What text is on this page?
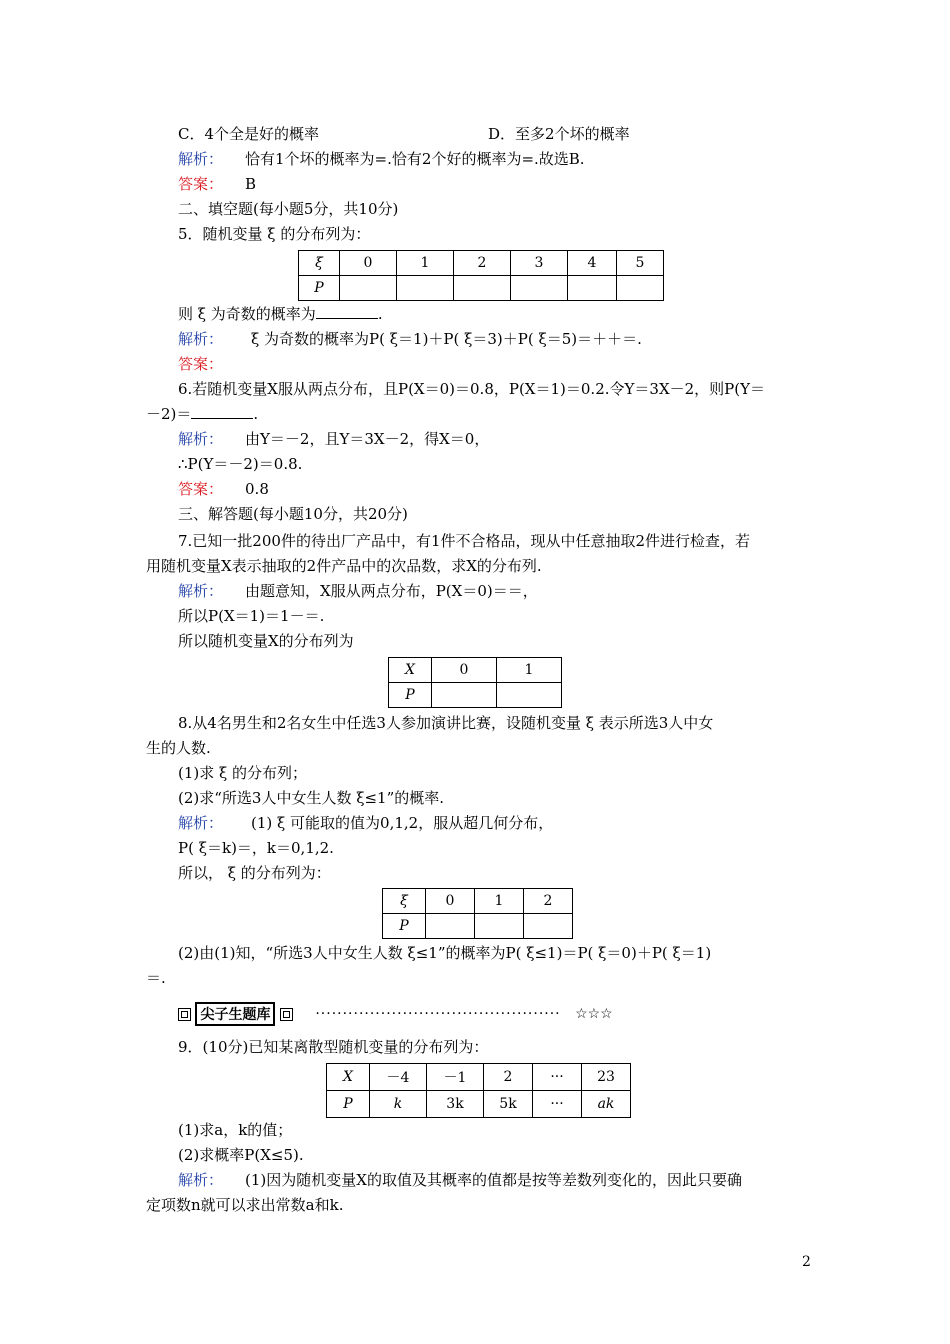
C．4个全是好的概率	D．至多2个坏的概率
解析： 恰有1个坏的概率为=.恰有2个好的概率为=.故选B.
答案： B
二、填空题(每小题5分，共10分)
5．随机变量 ξ 的分布列为：
ξ	0	1	2	3	4	5
P						
则 ξ 为奇数的概率为	.
解析： ξ 为奇数的概率为P( ξ＝1)＋P( ξ＝3)＋P( ξ＝5)＝＋＋＝.
答案：
6.若随机变量X服从两点分布，且P(X＝0)＝0.8，P(X＝1)＝0.2.令Y＝3X－2，则P(Y＝
－2)＝	.
解析： 由Y＝－2，且Y＝3X－2，得X＝0，
∴P(Y＝－2)＝0.8.
答案： 0.8
三、解答题(每小题10分，共20分)
7.已知一批200件的待出厂产品中，有1件不合格品，现从中任意抽取2件进行检查，若
用随机变量X表示抽取的2件产品中的次品数，求X的分布列.
解析： 由题意知，X服从两点分布，P(X＝0)＝＝，
所以P(X＝1)＝1－＝.
所以随机变量X的分布列为
X	0	1
P		
8.从4名男生和2名女生中任选3人参加演讲比赛，设随机变量 ξ 表示所选3人中女
生的人数.
(1)求 ξ 的分布列；
(2)求“所选3人中女生人数 ξ≤1”的概率.
解析： (1) ξ 可能取的值为0,1,2，服从超几何分布，
P( ξ＝k)＝，k＝0,1,2.
所以， ξ 的分布列为：
ξ	0	1	2
P			
(2)由(1)知，“所选3人中女生人数 ξ≤1”的概率为P( ξ≤1)＝P( ξ＝0)＋P( ξ＝1)
＝.
尖子生题库	············································· ☆☆☆
9．(10分)已知某离散型随机变量的分布列为：
X	－4	－1	2	···	23
P	k	3k	5k	···	ak
(1)求a，k的值；
(2)求概率P(X≤5).
解析： (1)因为随机变量X的取值及其概率的值都是按等差数列变化的，因此只要确
定项数n就可以求出常数a和k.
2
